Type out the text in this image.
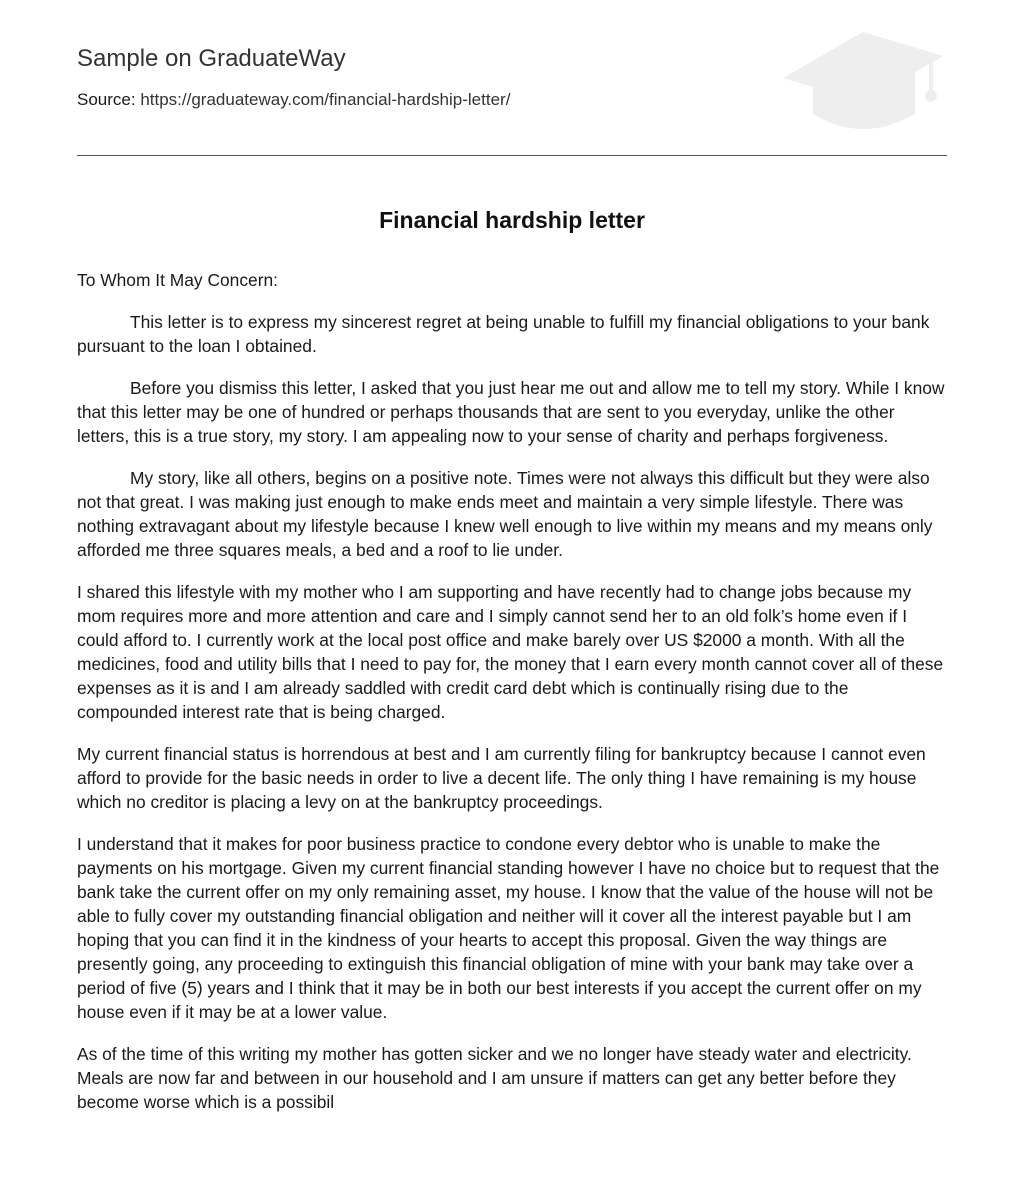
Sample on GraduateWay
Source: https://graduateway.com/financial-hardship-letter/
Financial hardship letter

To Whom It May Concern:

This letter is to express my sincerest regret at being unable to fulfill my financial obligations to your bank pursuant to the loan I obtained.

Before you dismiss this letter, I asked that you just hear me out and allow me to tell my story. While I know that this letter may be one of hundred or perhaps thousands that are sent to you everyday, unlike the other letters, this is a true story, my story. I am appealing now to your sense of charity and perhaps forgiveness.

My story, like all others, begins on a positive note. Times were not always this difficult but they were also not that great. I was making just enough to make ends meet and maintain a very simple lifestyle. There was nothing extravagant about my lifestyle because I knew well enough to live within my means and my means only afforded me three squares meals, a bed and a roof to lie under.

I shared this lifestyle with my mother who I am supporting and have recently had to change jobs because my mom requires more and more attention and care and I simply cannot send her to an old folk’s home even if I could afford to. I currently work at the local post office and make barely over US $2000 a month. With all the medicines, food and utility bills that I need to pay for, the money that I earn every month cannot cover all of these expenses as it is and I am already saddled with credit card debt which is continually rising due to the compounded interest rate that is being charged.

My current financial status is horrendous at best and I am currently filing for bankruptcy because I cannot even afford to provide for the basic needs in order to live a decent life. The only thing I have remaining is my house which no creditor is placing a levy on at the bankruptcy proceedings.

I understand that it makes for poor business practice to condone every debtor who is unable to make the payments on his mortgage. Given my current financial standing however I have no choice but to request that the bank take the current offer on my only remaining asset, my house. I know that the value of the house will not be able to fully cover my outstanding financial obligation and neither will it cover all the interest payable but I am hoping that you can find it in the kindness of your hearts to accept this proposal. Given the way things are presently going, any proceeding to extinguish this financial obligation of mine with your bank may take over a period of five (5) years and I think that it may be in both our best interests if you accept the current offer on my house even if it may be at a lower value.

As of the time of this writing my mother has gotten sicker and we no longer have steady water and electricity. Meals are now far and between in our household and I am unsure if matters can get any better before they become worse which is a possibil
